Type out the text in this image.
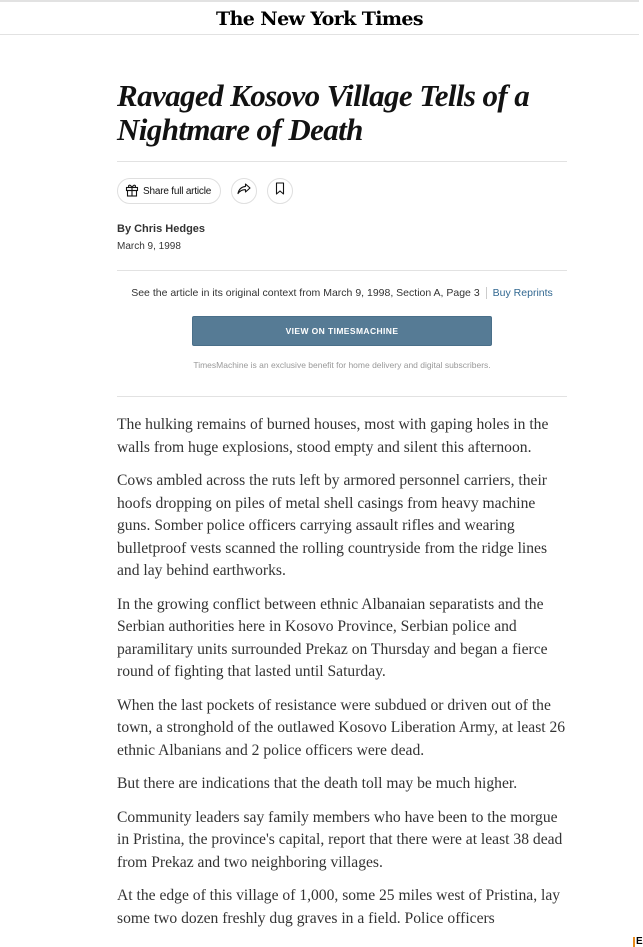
The New York Times
Ravaged Kosovo Village Tells of a Nightmare of Death
Share full article
By Chris Hedges
March 9, 1998
See the article in its original context from March 9, 1998, Section A, Page 3 Buy Reprints
VIEW ON TIMESMACHINE
TimesMachine is an exclusive benefit for home delivery and digital subscribers.

The hulking remains of burned houses, most with gaping holes in the walls from huge explosions, stood empty and silent this afternoon.

Cows ambled across the ruts left by armored personnel carriers, their hoofs dropping on piles of metal shell casings from heavy machine guns. Somber police officers carrying assault rifles and wearing bulletproof vests scanned the rolling countryside from the ridge lines and lay behind earthworks.

In the growing conflict between ethnic Albanaian separatists and the Serbian authorities here in Kosovo Province, Serbian police and paramilitary units surrounded Prekaz on Thursday and began a fierce round of fighting that lasted until Saturday.

When the last pockets of resistance were subdued or driven out of the town, a stronghold of the outlawed Kosovo Liberation Army, at least 26 ethnic Albanians and 2 police officers were dead.

But there are indications that the death toll may be much higher.

Community leaders say family members who have been to the morgue in Pristina, the province's capital, report that there were at least 38 dead from Prekaz and two neighboring villages.

At the edge of this village of 1,000, some 25 miles west of Pristina, lay some two dozen freshly dug graves in a field. Police officers

E
